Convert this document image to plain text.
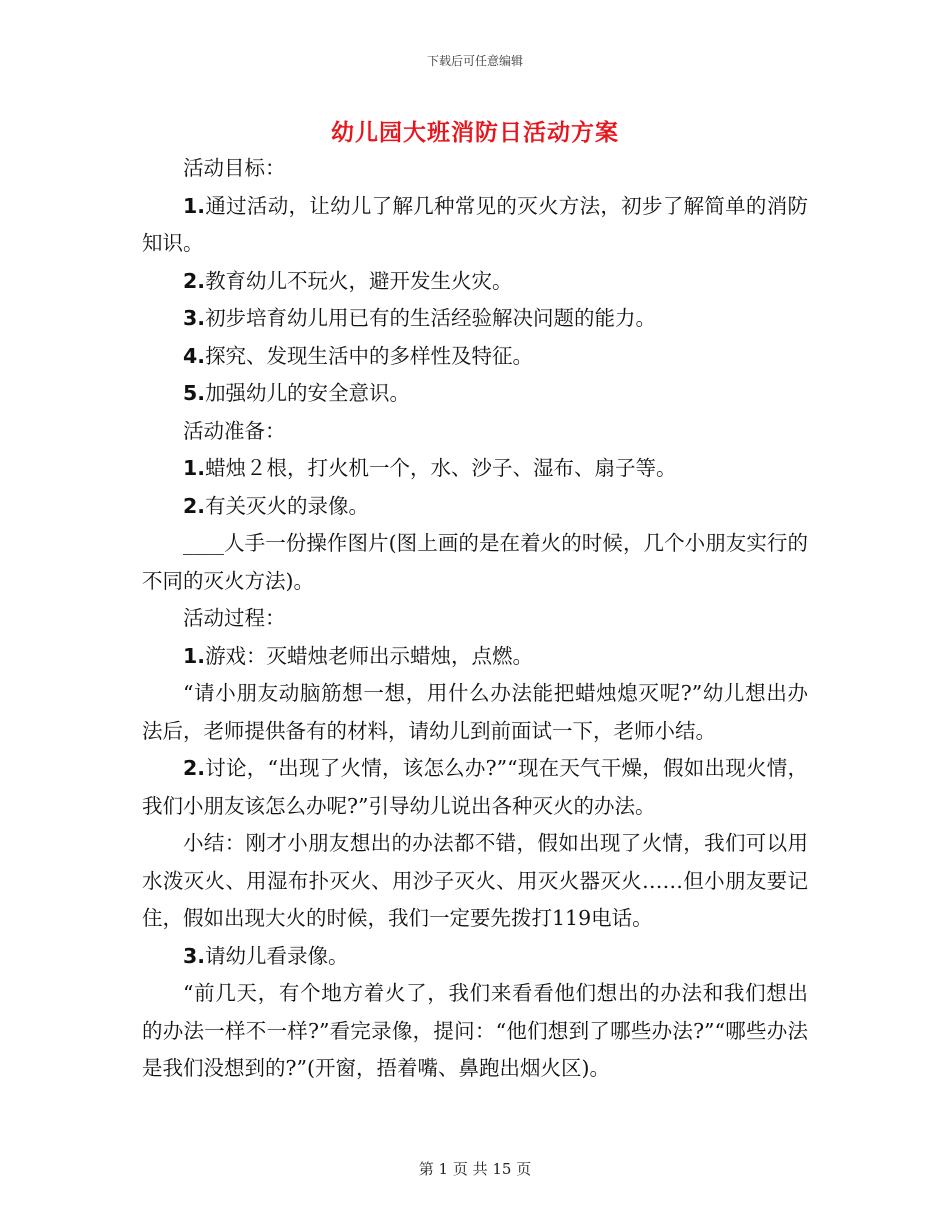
下载后可任意编辑
幼儿园大班消防日活动方案

活动目标：

1.通过活动，让幼儿了解几种常见的灭火方法，初步了解简单的消防知识。

2.教育幼儿不玩火，避开发生火灾。

3.初步培育幼儿用已有的生活经验解决问题的能力。

4.探究、发现生活中的多样性及特征。

5.加强幼儿的安全意识。

活动准备：

1.蜡烛２根，打火机一个，水、沙子、湿布、扇子等。

2.有关灭火的录像。

____人手一份操作图片(图上画的是在着火的时候，几个小朋友实行的不同的灭火方法)。

活动过程：

1.游戏：灭蜡烛老师出示蜡烛，点燃。

“请小朋友动脑筋想一想，用什么办法能把蜡烛熄灭呢?”幼儿想出办法后，老师提供备有的材料，请幼儿到前面试一下，老师小结。

2.讨论，“出现了火情，该怎么办?”“现在天气干燥，假如出现火情，我们小朋友该怎么办呢?”引导幼儿说出各种灭火的办法。

小结：刚才小朋友想出的办法都不错，假如出现了火情，我们可以用水泼灭火、用湿布扑灭火、用沙子灭火、用灭火器灭火……但小朋友要记住，假如出现大火的时候，我们一定要先拨打119电话。

3.请幼儿看录像。

“前几天，有个地方着火了，我们来看看他们想出的办法和我们想出的办法一样不一样?”看完录像，提问：“他们想到了哪些办法?”“哪些办法是我们没想到的?”(开窗，捂着嘴、鼻跑出烟火区)。

第 1 页 共 15 页
